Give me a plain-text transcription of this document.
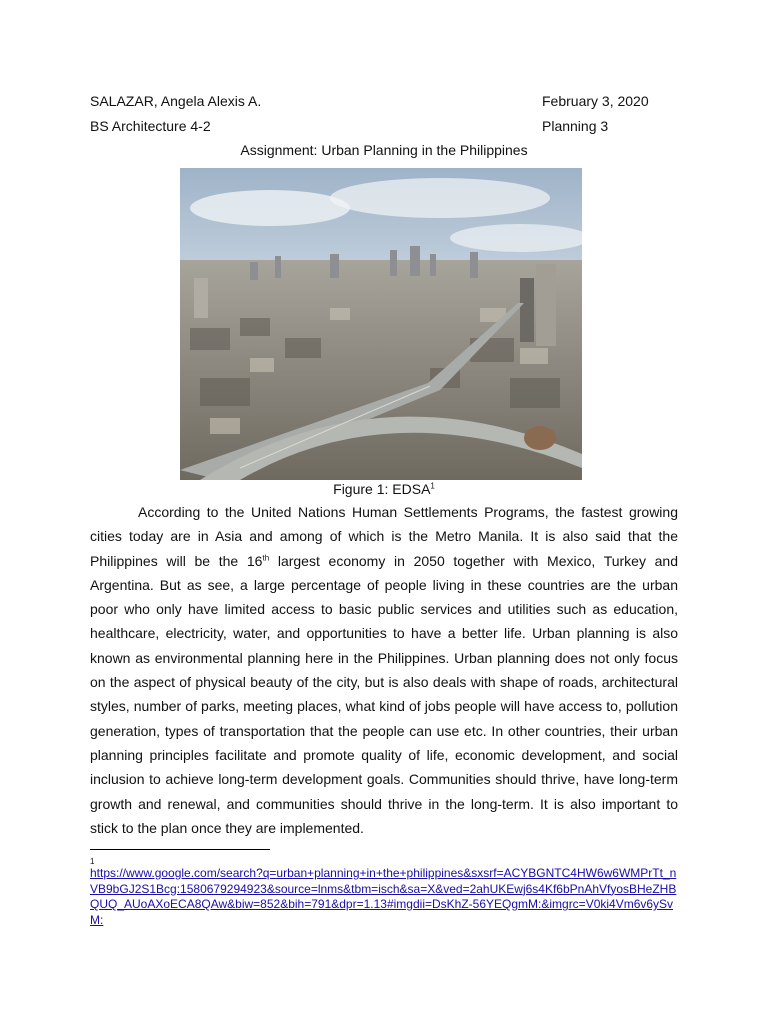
SALAZAR, Angela Alexis A.	February 3, 2020
BS Architecture 4-2	Planning 3
Assignment: Urban Planning in the Philippines
Figure 1: EDSA$^1$

According to the United Nations Human Settlements Programs, the fastest growing cities today are in Asia and among of which is the Metro Manila. It is also said that the Philippines will be the 16th largest economy in 2050 together with Mexico, Turkey and Argentina. But as see, a large percentage of people living in these countries are the urban poor who only have limited access to basic public services and utilities such as education, healthcare, electricity, water, and opportunities to have a better life. Urban planning is also known as environmental planning here in the Philippines. Urban planning does not only focus on the aspect of physical beauty of the city, but is also deals with shape of roads, architectural styles, number of parks, meeting places, what kind of jobs people will have access to, pollution generation, types of transportation that the people can use etc. In other countries, their urban planning principles facilitate and promote quality of life, economic development, and social inclusion to achieve long-term development goals. Communities should thrive, have long-term growth and renewal, and communities should thrive in the long-term. It is also important to stick to the plan once they are implemented.

1
https://www.google.com/search?q=urban+planning+in+the+philippines&sxsrf=ACYBGNTC4HW6w6WMPrTt_nVB9bGJ2S1Bcg:1580679294923&source=lnms&tbm=isch&sa=X&ved=2ahUKEwj6s4Kf6bPnAhVfyosBHeZHBQUQ_AUoAXoECA8QAw&biw=852&bih=791&dpr=1.13#imgdii=DsKhZ-56YEQgmM:&imgrc=V0ki4Vm6v6ySvM:
